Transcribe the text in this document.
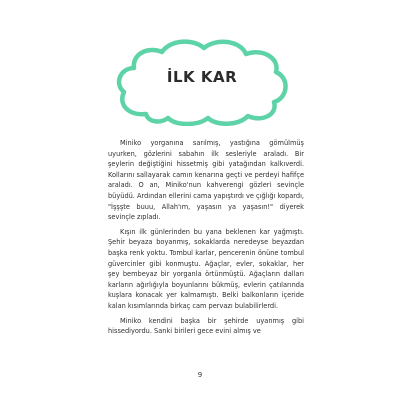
İLK KAR

Miniko yorganına sarılmış, yastığına gömülmüş uyurken, gözlerini sabahın ilk sesleriyle araladı. Bir şeylerin değiştiğini hissetmiş gibi yatağından kalkıverdi. Kollarını sallayarak camın kenarına geçti ve perdeyi hafifçe araladı. O an, Miniko'nun kahverengi gözleri sevinçle büyüdü. Ardından ellerini cama yapıştırdı ve çığlığı kopardı, "İşşşte buuu, Allah'ım, yaşasın ya yaşasın!" diyerek sevinçle zıpladı.

Kışın ilk günlerinden bu yana beklenen kar yağmıştı. Şehir beyaza boyanmış, sokaklarda neredeyse beyazdan başka renk yoktu. Tombul karlar, pencerenin önüne tombul güvercinler gibi konmuştu. Ağaçlar, evler, sokaklar, her şey bembeyaz bir yorganla örtünmüştü. Ağaçların dalları karların ağırlığıyla boyunlarını bükmüş, evlerin çatılarında kuşlara konacak yer kalmamıştı. Belki balkonların içeride kalan kısımlarında birkaç cam pervazı bulabilirlerdi.

Miniko kendini başka bir şehirde uyanmış gibi hissediyordu. Sanki birileri gece evini almış ve

9
